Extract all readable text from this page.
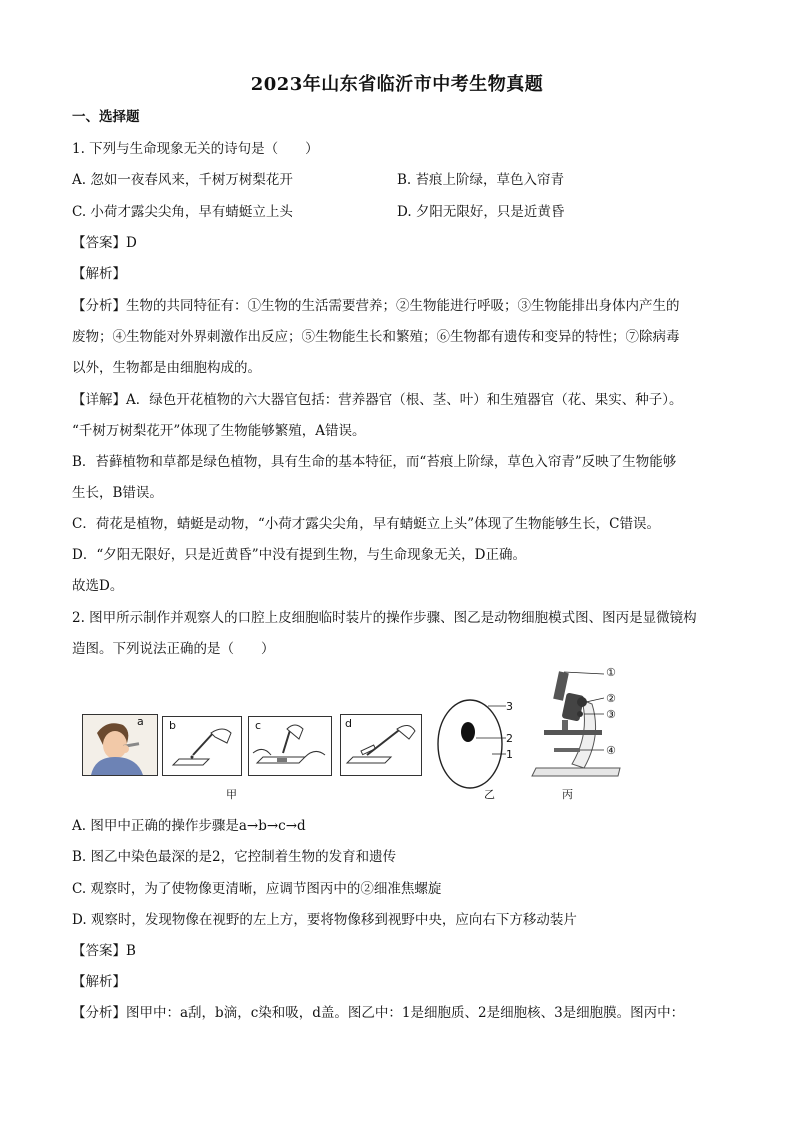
2023年山东省临沂市中考生物真题
一、选择题
1. 下列与生命现象无关的诗句是（　　）
A. 忽如一夜春风来，千树万树梨花开	B. 苔痕上阶绿，草色入帘青
C. 小荷才露尖尖角，早有蜻蜓立上头	D. 夕阳无限好，只是近黄昏
【答案】D
【解析】
【分析】生物的共同特征有：①生物的生活需要营养；②生物能进行呼吸；③生物能排出身体内产生的
废物；④生物能对外界刺激作出反应；⑤生物能生长和繁殖；⑥生物都有遗传和变异的特性；⑦除病毒
以外，生物都是由细胞构成的。
【详解】A．绿色开花植物的六大器官包括：营养器官（根、茎、叶）和生殖器官（花、果实、种子）。
“千树万树梨花开”体现了生物能够繁殖，A错误。
B．苔藓植物和草都是绿色植物，具有生命的基本特征，而“苔痕上阶绿，草色入帘青”反映了生物能够
生长，B错误。
C．荷花是植物，蜻蜓是动物，“小荷才露尖尖角，早有蜻蜓立上头”体现了生物能够生长，C错误。
D．“夕阳无限好，只是近黄昏”中没有提到生物，与生命现象无关，D正确。
故选D。
2. 图甲所示制作并观察人的口腔上皮细胞临时装片的操作步骤、图乙是动物细胞模式图、图丙是显微镜构
造图。下列说法正确的是（　　）
a b	c	d
甲
3
2
1
乙
①
②
③
④
丙
A. 图甲中正确的操作步骤是a→b→c→d
B. 图乙中染色最深的是2，它控制着生物的发育和遗传
C. 观察时，为了使物像更清晰，应调节图丙中的②细准焦螺旋
D. 观察时，发现物像在视野的左上方，要将物像移到视野中央，应向右下方移动装片
【答案】B
【解析】
【分析】图甲中：a刮，b滴，c染和吸，d盖。图乙中：1是细胞质、2是细胞核、3是细胞膜。图丙中：
